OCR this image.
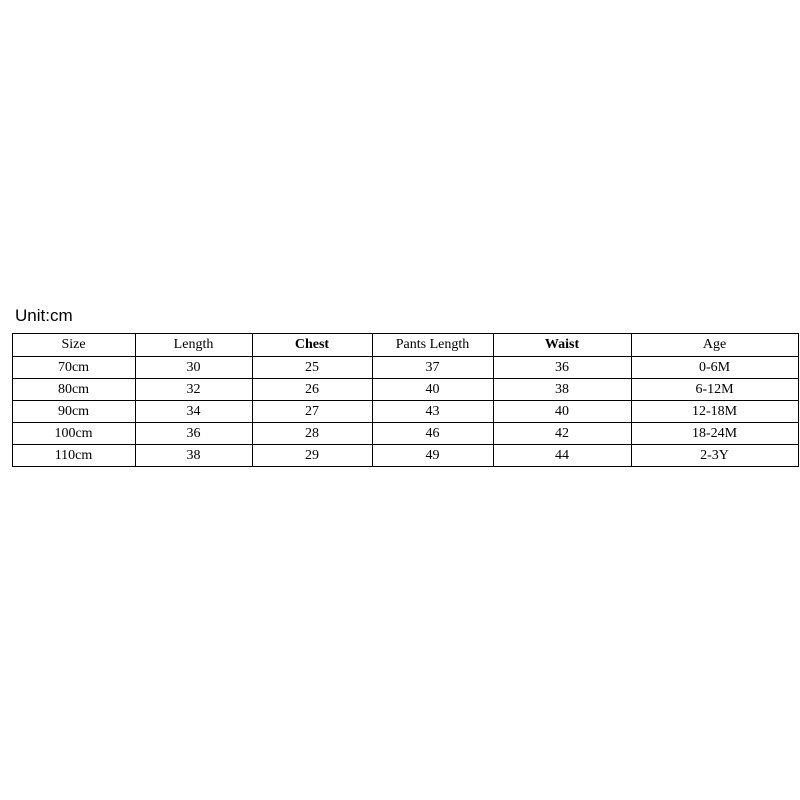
Unit:cm
	Size	Length	Chest	Pants Length	Waist	Age
	70cm	30	25	37	36	0-6M
	80cm	32	26	40	38	6-12M
	90cm	34	27	43	40	12-18M
	100cm	36	28	46	42	18-24M
	110cm	38	29	49	44	2-3Y
